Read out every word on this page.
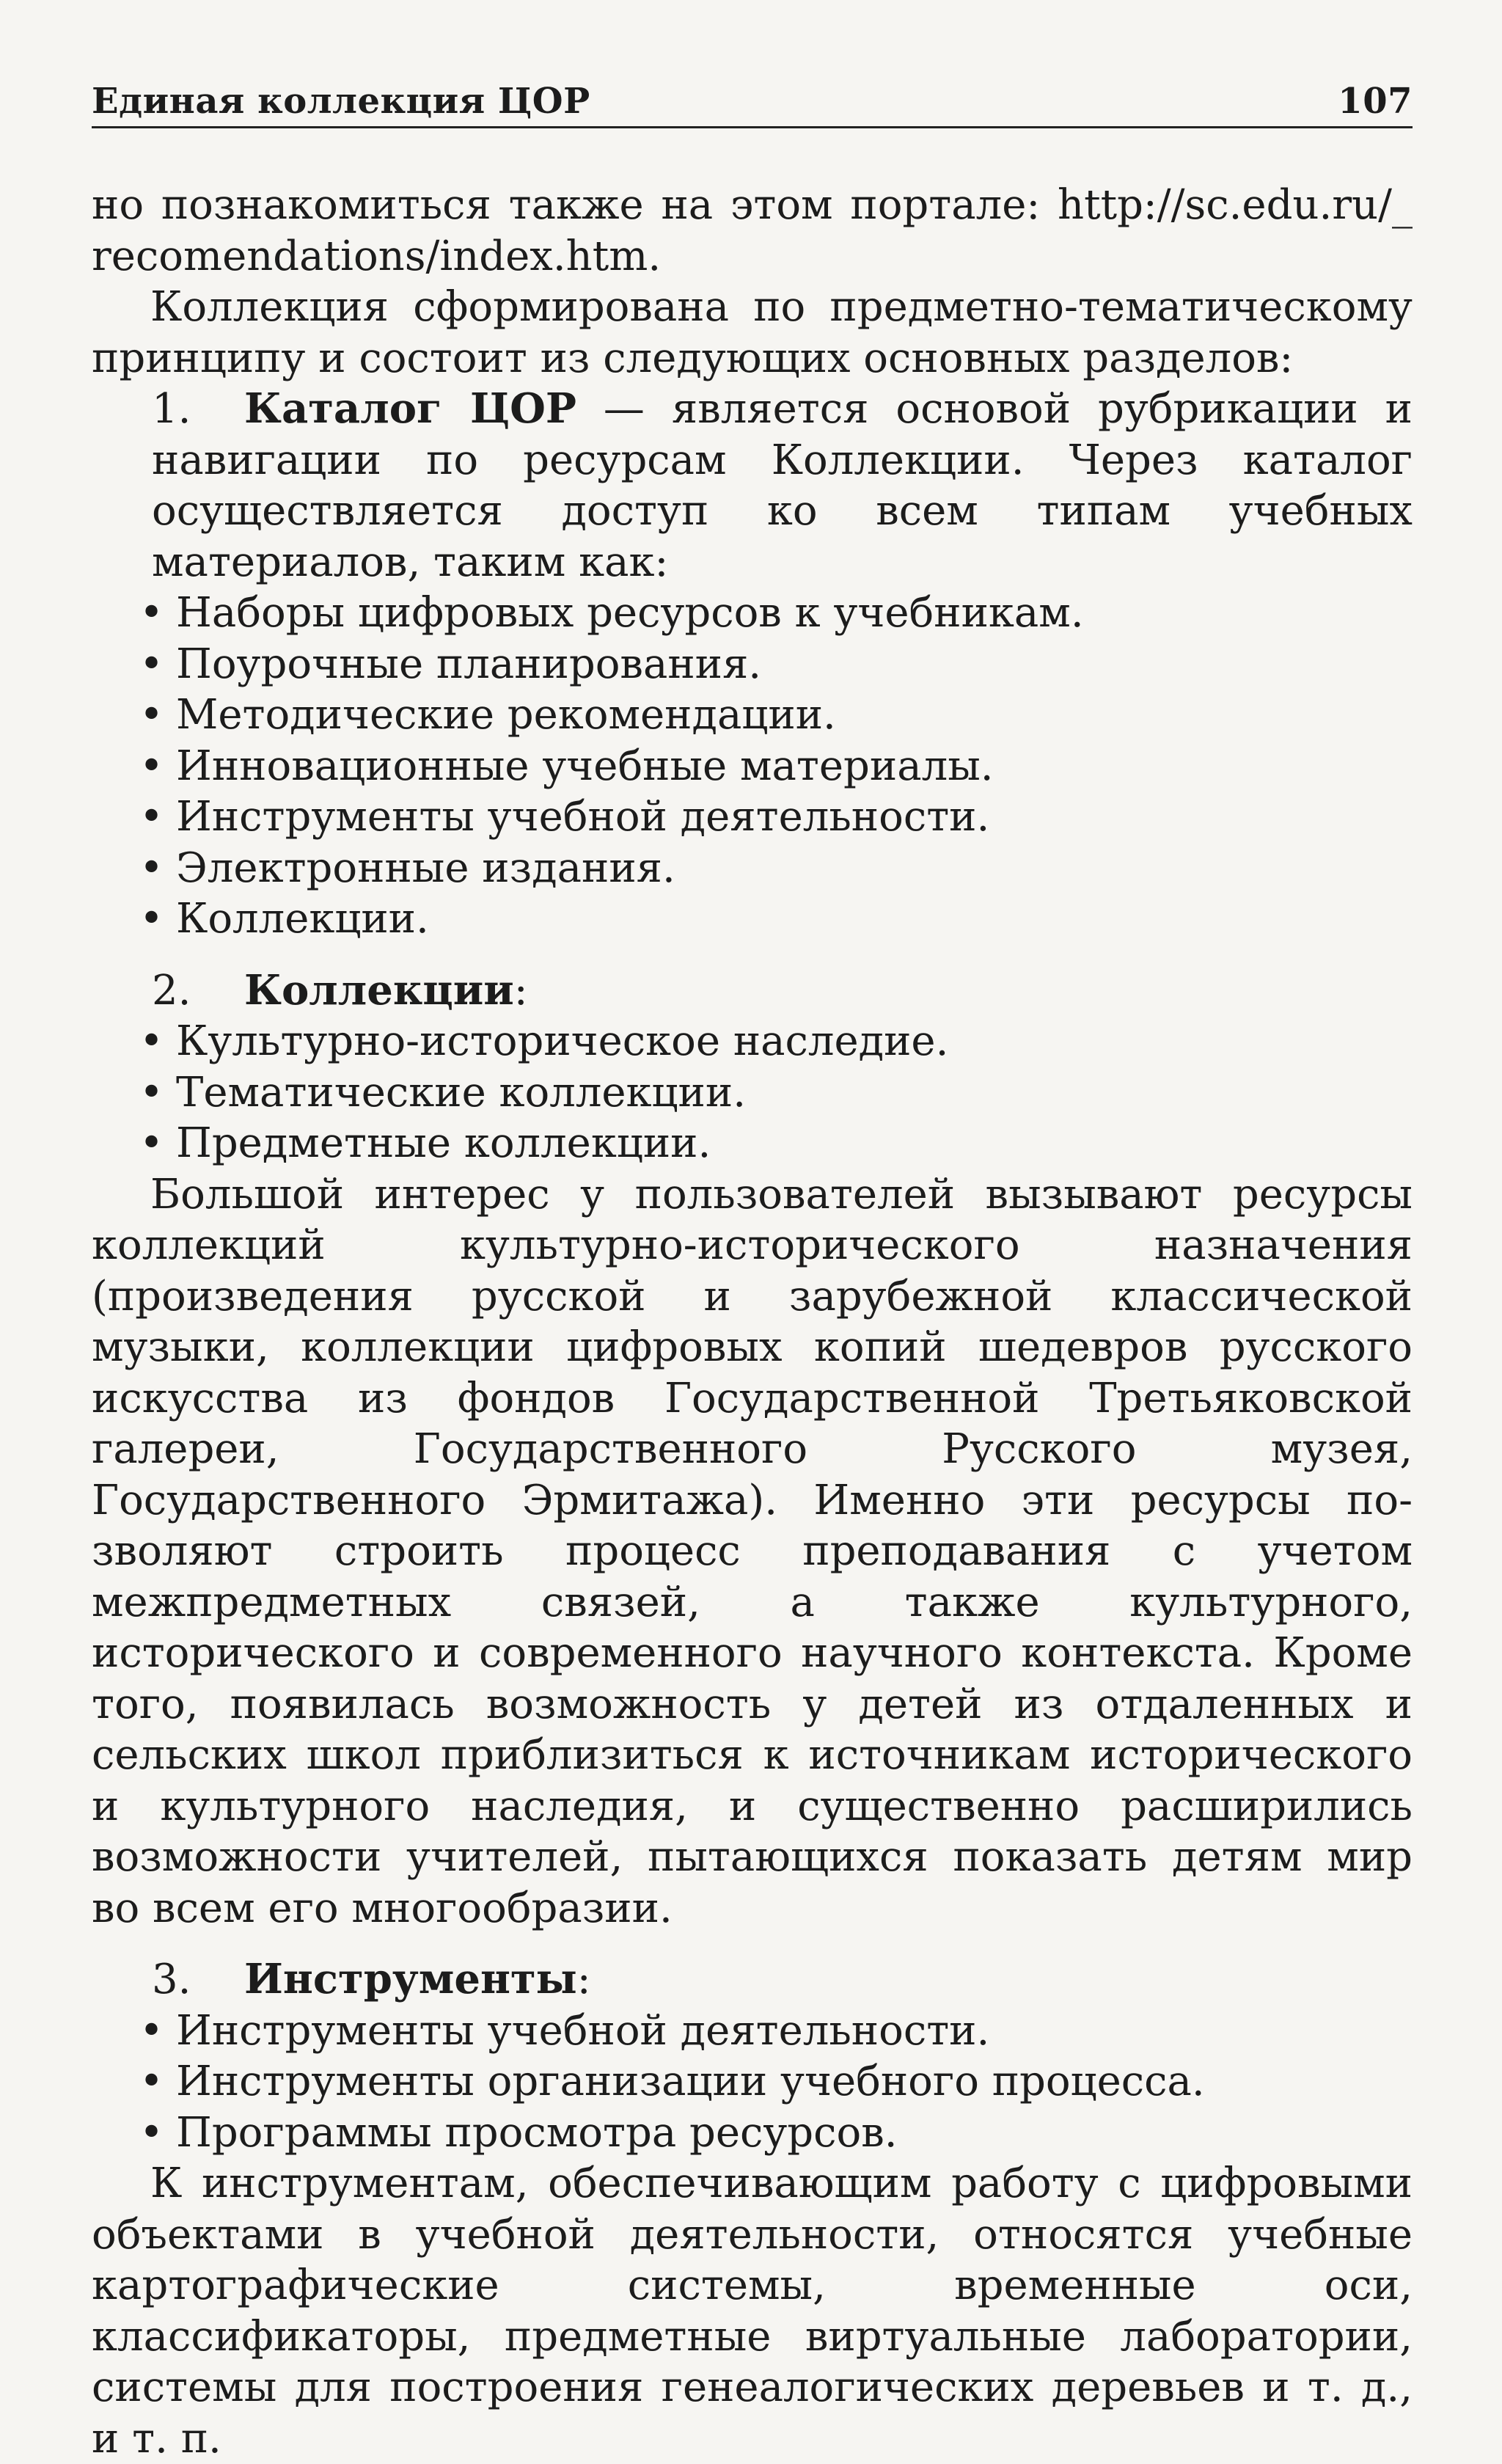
Единая коллекция ЦОР	107

но познакомиться также на этом портале: http://sc.edu.ru/_ recomendations/index.htm.

Коллекция сформирована по предметно-тематическому принципу и состоит из следующих основных разделов:

1. Каталог ЦОР — является основой рубрикации и навигации по ресурсам Коллекции. Через каталог осуществляется доступ ко всем типам учебных материалов, таким как:

• Наборы цифровых ресурсов к учебникам.
• Поурочные планирования.
• Методические рекомендации.
• Инновационные учебные материалы.
• Инструменты учебной деятельности.
• Электронные издания.
• Коллекции.

2. Коллекции:

• Культурно-историческое наследие.
• Тематические коллекции.
• Предметные коллекции.

Большой интерес у пользователей вызывают ресурсы коллекций культурно-исторического назначения (произведения русской и зарубежной классической музыки, коллекции цифровых копий шедевров русского искусства из фондов Государственной Третьяковской галереи, Государственного Русского музея, Государственного Эрмитажа). Именно эти ресурсы позволяют строить процесс преподавания с учетом межпредметных связей, а также культурного, исторического и современного научного контекста. Кроме того, появилась возможность у детей из отдаленных и сельских школ приблизиться к источникам исторического и культурного наследия, и существенно расширились возможности учителей, пытающихся показать детям мир во всем его многообразии.

3. Инструменты:

• Инструменты учебной деятельности.
• Инструменты организации учебного процесса.
• Программы просмотра ресурсов.

К инструментам, обеспечивающим работу с цифровыми объектами в учебной деятельности, относятся учебные картографические системы, временные оси, классификаторы, предметные виртуальные лаборатории, системы для построения генеалогических деревьев и т. д., и т. п.
